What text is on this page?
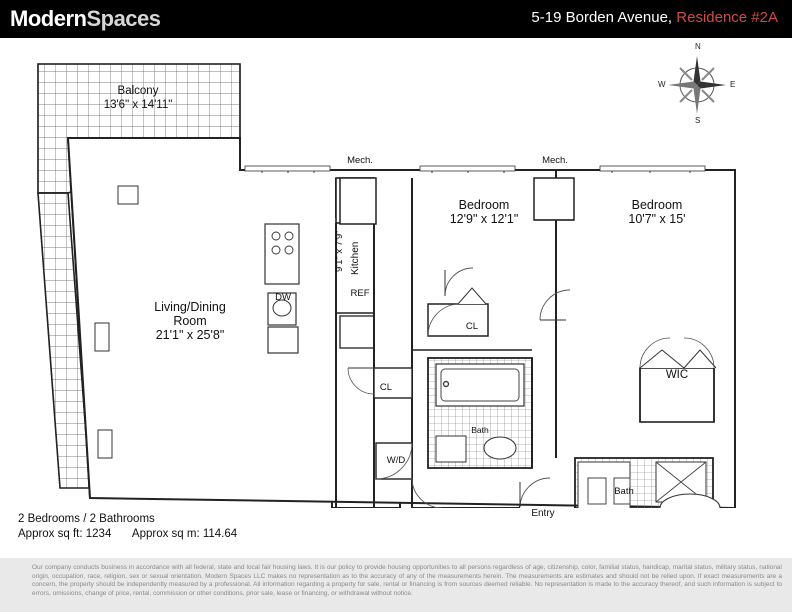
ModernSpaces	5-19 Borden Avenue, Residence #2A
N
S
E
W
Balcony
13'6" x 14'11"
Living/Dining
Room
21'1" x 25'8"
Kitchen
9'1" x 7'9"
Bedroom
12'9" x 12'1"
Bedroom
10'7" x 15'
Mech.	Mech.
REF
DW
CL
CL
W/D
Bath
Bath
WIC
Entry
2 Bedrooms / 2 Bathrooms
Approx sq ft: 1234 Approx sq m: 114.64
Our company conducts business in accordance with all federal, state and local fair housing laws. It is our policy to provide housing opportunities to all persons regardless of age, citizenship, color, familial status, handicap, marital status, military status, national origin, occupation, race, religion, sex or sexual orientation. Modern Spaces LLC makes no representation as to the accuracy of any of the measurements herein. The measurements are estimates and should not be relied upon. If exact measurements are a concern, the property should be independently measured by a professional. All information regarding a property for sale, rental or financing is from sources deemed reliable. No representation is made to the accuracy thereof, and such information is subject to errors, omissions, change of price, rental, commission or other conditions, prior sale, lease or financing, or withdrawal without notice.
